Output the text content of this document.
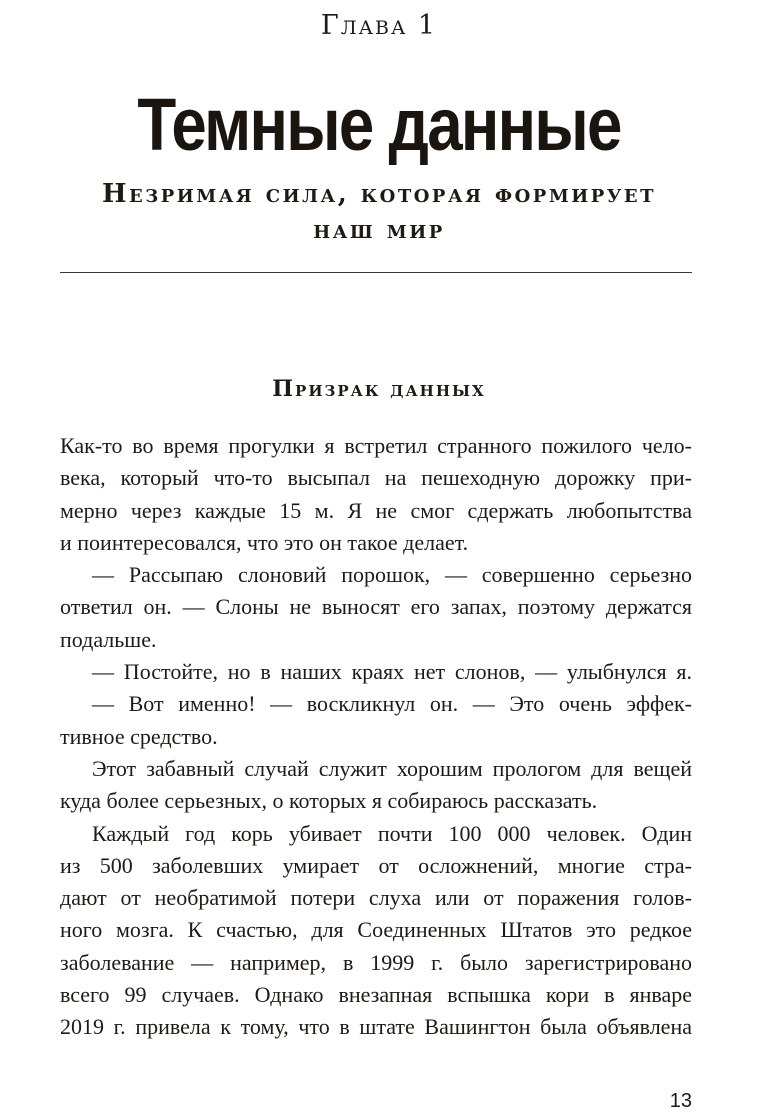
Глава 1
Темные данные
Незримая сила, которая формирует
наш мир
Призрак данных
Как-то во время прогулки я встретил странного пожилого чело-
века, который что-то высыпал на пешеходную дорожку при-
мерно через каждые 15 м. Я не смог сдержать любопытства
и поинтересовался, что это он такое делает.
— Рассыпаю слоновий порошок, — совершенно серьезно
ответил он. — Слоны не выносят его запах, поэтому держатся
подальше.
— Постойте, но в наших краях нет слонов, — улыбнулся я.
— Вот именно! — воскликнул он. — Это очень эффек-
тивное средство.
Этот забавный случай служит хорошим прологом для вещей
куда более серьезных, о которых я собираюсь рассказать.
Каждый год корь убивает почти 100 000 человек. Один
из 500 заболевших умирает от осложнений, многие стра-
дают от необратимой потери слуха или от поражения голов-
ного мозга. К счастью, для Соединенных Штатов это редкое
заболевание — например, в 1999 г. было зарегистрировано
всего 99 случаев. Однако внезапная вспышка кори в январе
2019 г. привела к тому, что в штате Вашингтон была объявлена
13
